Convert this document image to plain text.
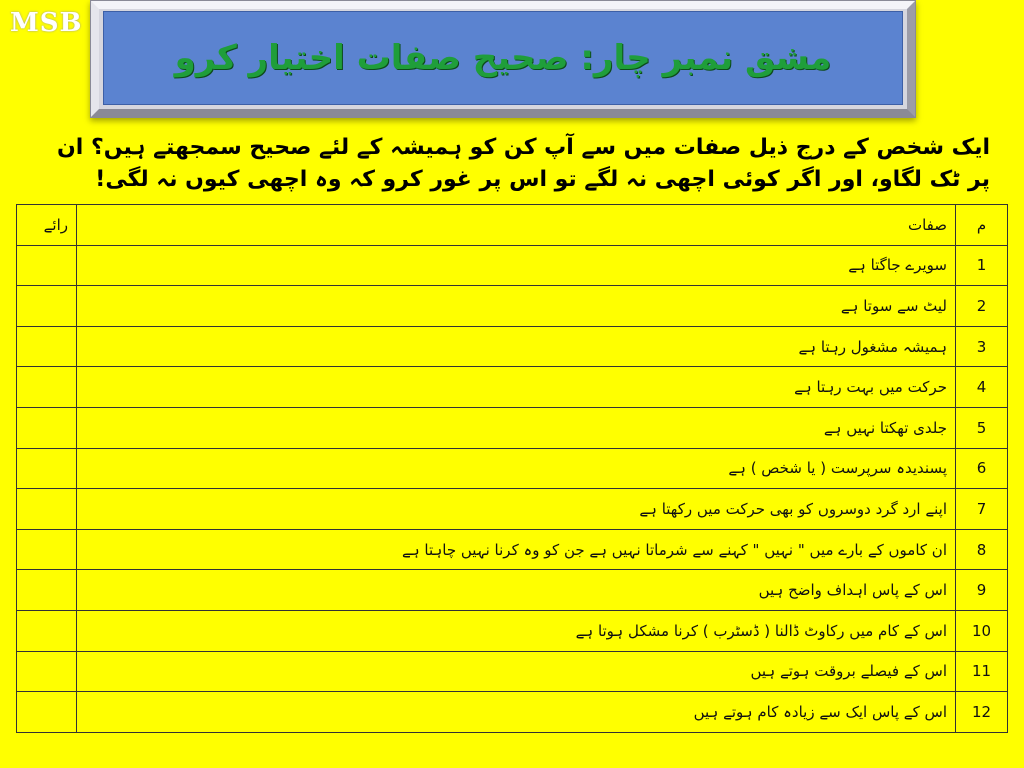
MSB
مشق نمبر چار: صحیح صفات اختیار کرو
ایک شخص کے درج ذیل صفات میں سے آپ کن کو ہمیشہ کے لئے صحیح سمجھتے ہیں؟ ان پر ٹک لگاو، اور اگر کوئی اچھی نہ لگے تو اس پر غور کرو کہ وہ اچھی کیوں نہ لگی!
م	صفات	رائے
1	سویرے جاگتا ہے	
2	لیٹ سے سوتا ہے	
3	ہمیشہ مشغول رہتا ہے	
4	حرکت میں بہت رہتا ہے	
5	جلدی تھکتا نہیں ہے	
6	پسندیدہ سرپرست ( یا شخص ) ہے	
7	اپنے ارد گرد دوسروں کو بھی حرکت میں رکھتا ہے	
8	ان کاموں کے بارے میں " نہیں " کہنے سے شرماتا نہیں ہے جن کو وہ کرنا نہیں چاہتا ہے	
9	اس کے پاس اہداف واضح ہیں	
10	اس کے کام میں رکاوٹ ڈالنا ( ڈسٹرب ) کرنا مشکل ہوتا ہے	
11	اس کے فیصلے بروقت ہوتے ہیں	
12	اس کے پاس ایک سے زیادہ کام ہوتے ہیں	
